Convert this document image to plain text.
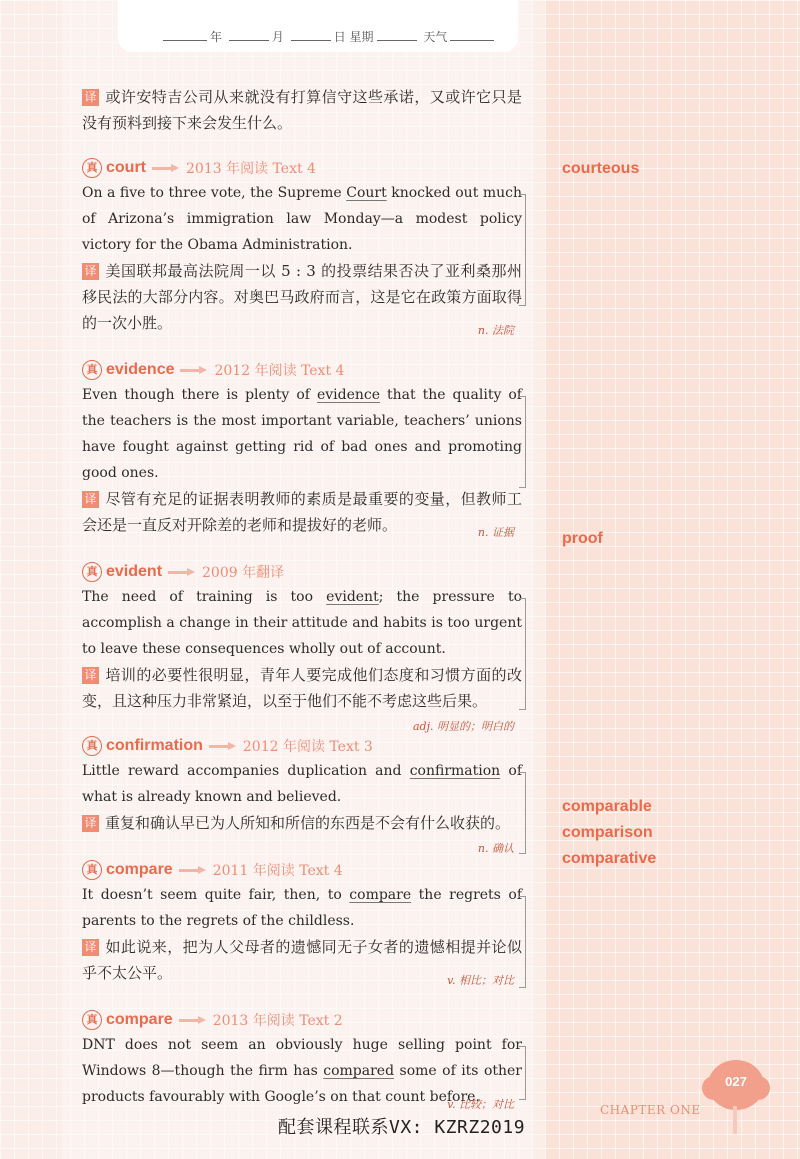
年	月	日 星期	天气

译 或许安特吉公司从来就没有打算信守这些承诺，又或许它只是没有预料到接下来会发生什么。

真 court	2013 年阅读 Text 4

On a five to three vote, the Supreme Court knocked out much of Arizona’s immigration law Monday—a modest policy victory for the Obama Administration.

译 美国联邦最高法院周一以 5 : 3 的投票结果否决了亚利桑那州移民法的大部分内容。对奥巴马政府而言，这是它在政策方面取得的一次小胜。	n. 法院
真 evidence	2012 年阅读 Text 4

Even though there is plenty of evidence that the quality of the teachers is the most important variable, teachers’ unions have fought against getting rid of bad ones and promoting good ones.

译 尽管有充足的证据表明教师的素质是最重要的变量，但教师工会还是一直反对开除差的老师和提拔好的老师。	n. 证据
真 evident	2009 年翻译

The need of training is too evident; the pressure to accomplish a change in their attitude and habits is too urgent to leave these consequences wholly out of account.

译 培训的必要性很明显，青年人要完成他们态度和习惯方面的改变，且这种压力非常紧迫，以至于他们不能不考虑这些后果。

adj. 明显的；明白的
真 confirmation	2012 年阅读 Text 3

Little reward accompanies duplication and confirmation of what is already known and believed.

译 重复和确认早已为人所知和所信的东西是不会有什么收获的。

n. 确认
真 compare	2011 年阅读 Text 4

It doesn’t seem quite fair, then, to compare the regrets of parents to the regrets of the childless.

译 如此说来，把为人父母者的遗憾同无子女者的遗憾相提并论似乎不太公平。	v. 相比；对比
真 compare	2013 年阅读 Text 2

DNT does not seem an obviously huge selling point for Windows 8—though the firm has compared some of its other products favourably with Google’s on that count before.

v. 比较；对比
courteous
proof
comparable
comparison
comparative
027
CHAPTER ONE
配套课程联系VX: KZRZ2019
